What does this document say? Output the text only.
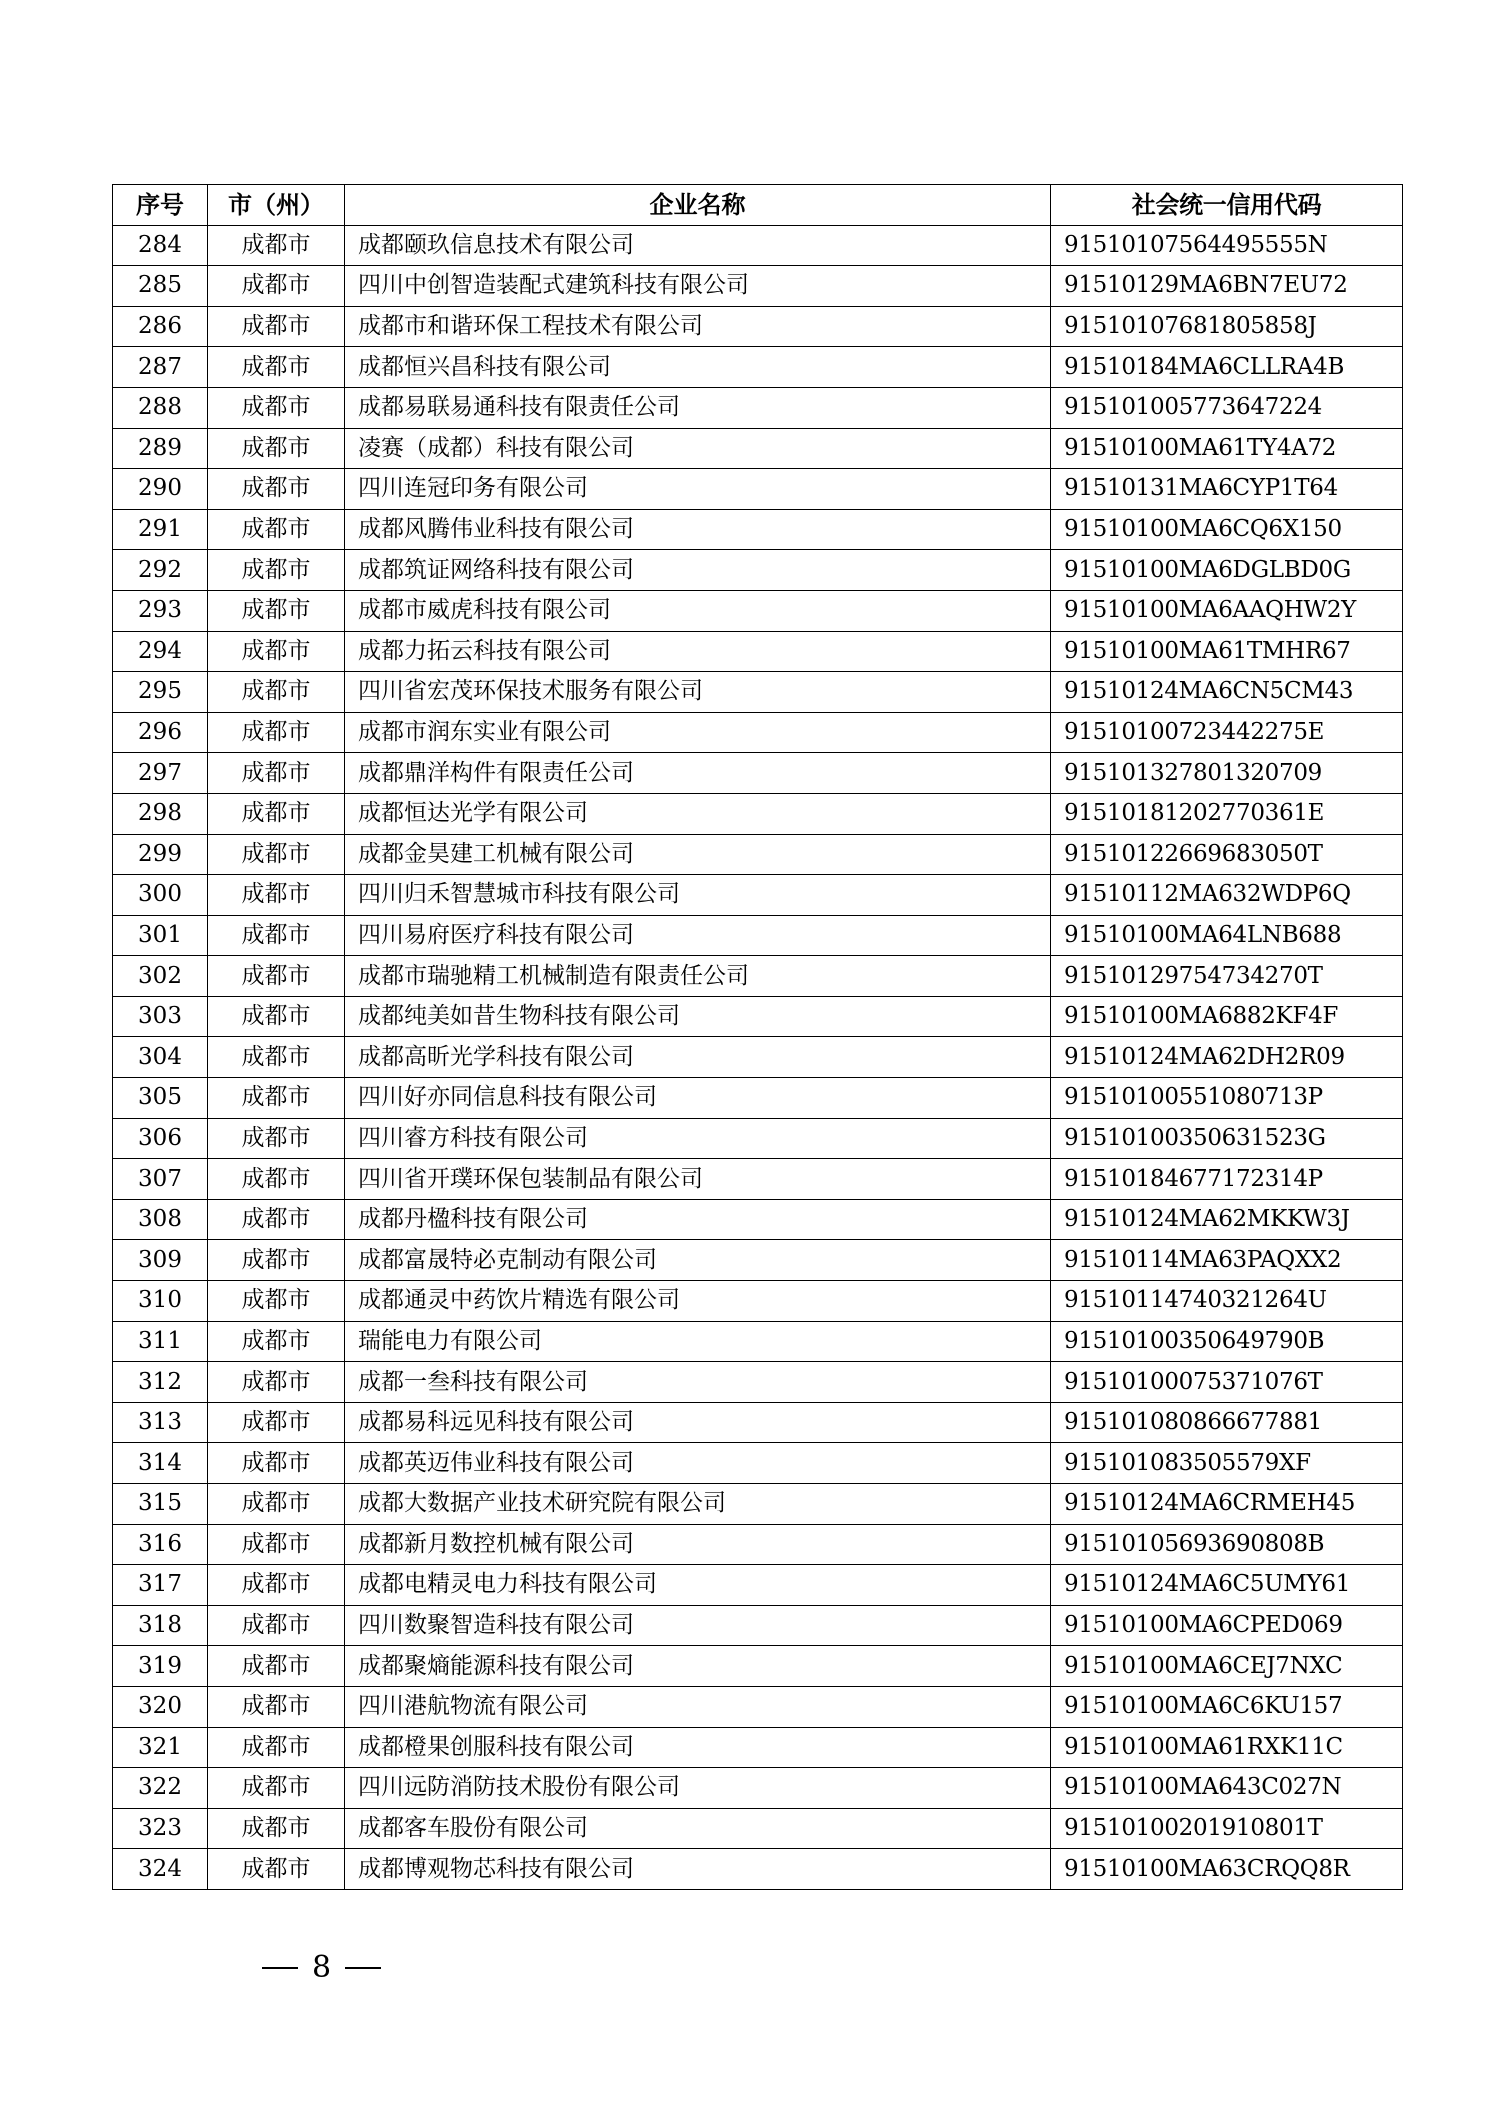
序号	市（州）	企业名称	社会统一信用代码
284	成都市	成都颐玖信息技术有限公司	91510107564495555N
285	成都市	四川中创智造装配式建筑科技有限公司	91510129MA6BN7EU72
286	成都市	成都市和谐环保工程技术有限公司	91510107681805858J
287	成都市	成都恒兴昌科技有限公司	91510184MA6CLLRA4B
288	成都市	成都易联易通科技有限责任公司	915101005773647224
289	成都市	凌赛（成都）科技有限公司	91510100MA61TY4A72
290	成都市	四川连冠印务有限公司	91510131MA6CYP1T64
291	成都市	成都风腾伟业科技有限公司	91510100MA6CQ6X150
292	成都市	成都筑证网络科技有限公司	91510100MA6DGLBD0G
293	成都市	成都市威虎科技有限公司	91510100MA6AAQHW2Y
294	成都市	成都力拓云科技有限公司	91510100MA61TMHR67
295	成都市	四川省宏茂环保技术服务有限公司	91510124MA6CN5CM43
296	成都市	成都市润东实业有限公司	91510100723442275E
297	成都市	成都鼎洋构件有限责任公司	915101327801320709
298	成都市	成都恒达光学有限公司	91510181202770361E
299	成都市	成都金昊建工机械有限公司	91510122669683050T
300	成都市	四川归禾智慧城市科技有限公司	91510112MA632WDP6Q
301	成都市	四川易府医疗科技有限公司	91510100MA64LNB688
302	成都市	成都市瑞驰精工机械制造有限责任公司	91510129754734270T
303	成都市	成都纯美如昔生物科技有限公司	91510100MA6882KF4F
304	成都市	成都高昕光学科技有限公司	91510124MA62DH2R09
305	成都市	四川好亦同信息科技有限公司	91510100551080713P
306	成都市	四川睿方科技有限公司	91510100350631523G
307	成都市	四川省开璞环保包装制品有限公司	91510184677172314P
308	成都市	成都丹楹科技有限公司	91510124MA62MKKW3J
309	成都市	成都富晟特必克制动有限公司	91510114MA63PAQXX2
310	成都市	成都通灵中药饮片精选有限公司	91510114740321264U
311	成都市	瑞能电力有限公司	91510100350649790B
312	成都市	成都一叁科技有限公司	91510100075371076T
313	成都市	成都易科远见科技有限公司	915101080866677881
314	成都市	成都英迈伟业科技有限公司	915101083505579XF
315	成都市	成都大数据产业技术研究院有限公司	91510124MA6CRMEH45
316	成都市	成都新月数控机械有限公司	91510105693690808B
317	成都市	成都电精灵电力科技有限公司	91510124MA6C5UMY61
318	成都市	四川数聚智造科技有限公司	91510100MA6CPED069
319	成都市	成都聚熵能源科技有限公司	91510100MA6CEJ7NXC
320	成都市	四川港航物流有限公司	91510100MA6C6KU157
321	成都市	成都橙果创服科技有限公司	91510100MA61RXK11C
322	成都市	四川远防消防技术股份有限公司	91510100MA643C027N
323	成都市	成都客车股份有限公司	91510100201910801T
324	成都市	成都博观物芯科技有限公司	91510100MA63CRQQ8R
8
